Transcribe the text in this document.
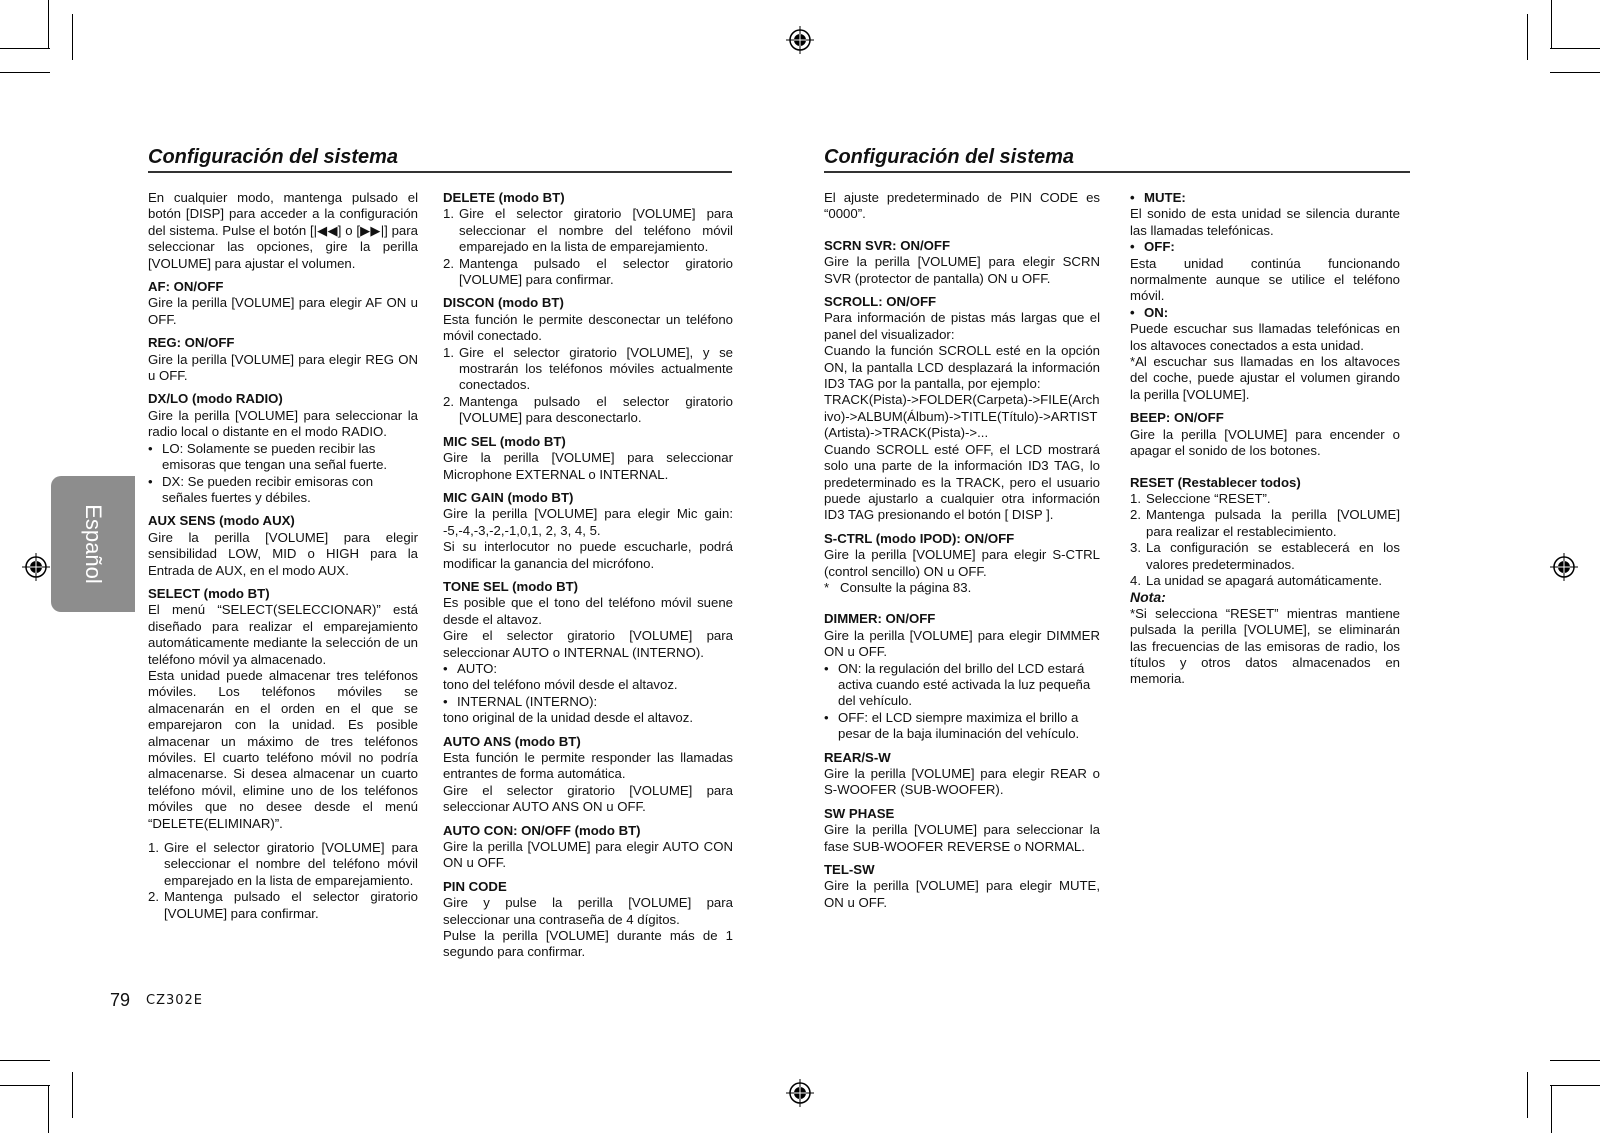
Configuración del sistema	Configuración del sistema
Español

En cualquier modo, mantenga pulsado el botón [DISP] para acceder a la configuración del sistema. Pulse el botón [|◀◀] o [▶▶|] para seleccionar las opciones, gire la perilla [VOLUME] para ajustar el volumen.

AF: ON/OFF

Gire la perilla [VOLUME] para elegir AF ON u OFF.

REG: ON/OFF

Gire la perilla [VOLUME] para elegir REG ON u OFF.

DX/LO (modo RADIO)

Gire la perilla [VOLUME] para seleccionar la radio local o distante en el modo RADIO.

• LO: Solamente se pueden recibir las emisoras que tengan una señal fuerte.
• DX: Se pueden recibir emisoras con señales fuertes y débiles.

AUX SENS (modo AUX)

Gire la perilla [VOLUME] para elegir sensibilidad LOW, MID o HIGH para la Entrada de AUX, en el modo AUX.

SELECT (modo BT)

El menú “SELECT(SELECCIONAR)” está diseñado para realizar el emparejamiento automáticamente mediante la selección de un teléfono móvil ya almacenado.

Esta unidad puede almacenar tres teléfonos móviles. Los teléfonos móviles se almacenarán en el orden en el que se emparejaron con la unidad. Es posible almacenar un máximo de tres teléfonos móviles. El cuarto teléfono móvil no podría almacenarse. Si desea almacenar un cuarto teléfono móvil, elimine uno de los teléfonos móviles que no desee desde el menú “DELETE(ELIMINAR)”.

1. Gire el selector giratorio [VOLUME] para seleccionar el nombre del teléfono móvil emparejado en la lista de emparejamiento.
2. Mantenga pulsado el selector giratorio [VOLUME] para confirmar.

DELETE (modo BT)

1. Gire el selector giratorio [VOLUME] para seleccionar el nombre del teléfono móvil emparejado en la lista de emparejamiento.
2. Mantenga pulsado el selector giratorio [VOLUME] para confirmar.

DISCON (modo BT)

Esta función le permite desconectar un teléfono móvil conectado.

1. Gire el selector giratorio [VOLUME], y se mostrarán los teléfonos móviles actualmente conectados.
2. Mantenga pulsado el selector giratorio [VOLUME] para desconectarlo.

MIC SEL (modo BT)

Gire la perilla [VOLUME] para seleccionar Microphone EXTERNAL o INTERNAL.

MIC GAIN (modo BT)

Gire la perilla [VOLUME] para elegir Mic gain: -5,-4,-3,-2,-1,0,1, 2, 3, 4, 5.

Si su interlocutor no puede escucharle, podrá modificar la ganancia del micrófono.

TONE SEL (modo BT)

Es posible que el tono del teléfono móvil suene desde el altavoz.

Gire el selector giratorio [VOLUME] para seleccionar AUTO o INTERNAL (INTERNO).

• AUTO:

tono del teléfono móvil desde el altavoz.

• INTERNAL (INTERNO):

tono original de la unidad desde el altavoz.

AUTO ANS (modo BT)

Esta función le permite responder las llamadas entrantes de forma automática.

Gire el selector giratorio [VOLUME] para seleccionar AUTO ANS ON u OFF.

AUTO CON: ON/OFF (modo BT)

Gire la perilla [VOLUME] para elegir AUTO CON ON u OFF.

PIN CODE

Gire y pulse la perilla [VOLUME] para seleccionar una contraseña de 4 dígitos.

Pulse la perilla [VOLUME] durante más de 1 segundo para confirmar.

El ajuste predeterminado de PIN CODE es “0000”.

SCRN SVR: ON/OFF

Gire la perilla [VOLUME] para elegir SCRN SVR (protector de pantalla) ON u OFF.

SCROLL: ON/OFF

Para información de pistas más largas que el panel del visualizador:

Cuando la función SCROLL esté en la opción ON, la pantalla LCD desplazará la información ID3 TAG por la pantalla, por ejemplo:

TRACK(Pista)->FOLDER(Carpeta)->FILE(Archivo)->ALBUM(Álbum)->TITLE(Título)->ARTIST(Artista)->TRACK(Pista)->...

Cuando SCROLL esté OFF, el LCD mostrará solo una parte de la información ID3 TAG, lo predeterminado es la TRACK, pero el usuario puede ajustarlo a cualquier otra información ID3 TAG presionando el botón [ DISP ].

S-CTRL (modo IPOD): ON/OFF

Gire la perilla [VOLUME] para elegir S-CTRL (control sencillo) ON u OFF.

* Consulte la página 83.

DIMMER: ON/OFF

Gire la perilla [VOLUME] para elegir DIMMER ON u OFF.

• ON: la regulación del brillo del LCD estará activa cuando esté activada la luz pequeña del vehículo.
• OFF: el LCD siempre maximiza el brillo a pesar de la baja iluminación del vehículo.

REAR/S-W

Gire la perilla [VOLUME] para elegir REAR o S-WOOFER (SUB-WOOFER).

SW PHASE

Gire la perilla [VOLUME] para seleccionar la fase SUB-WOOFER REVERSE o NORMAL.

TEL-SW

Gire la perilla [VOLUME] para elegir MUTE, ON u OFF.

• MUTE:

El sonido de esta unidad se silencia durante las llamadas telefónicas.

• OFF:

Esta unidad continúa funcionando normalmente aunque se utilice el teléfono móvil.

• ON:

Puede escuchar sus llamadas telefónicas en los altavoces conectados a esta unidad.

*Al escuchar sus llamadas en los altavoces del coche, puede ajustar el volumen girando la perilla [VOLUME].

BEEP: ON/OFF

Gire la perilla [VOLUME] para encender o apagar el sonido de los botones.

RESET (Restablecer todos)

1. Seleccione “RESET”.
2. Mantenga pulsada la perilla [VOLUME] para realizar el restablecimiento.
3. La configuración se establecerá en los valores predeterminados.
4. La unidad se apagará automáticamente.

Nota:

*Si selecciona “RESET” mientras mantiene pulsada la perilla [VOLUME], se eliminarán las frecuencias de las emisoras de radio, los títulos y otros datos almacenados en memoria.

79 CZ302E
